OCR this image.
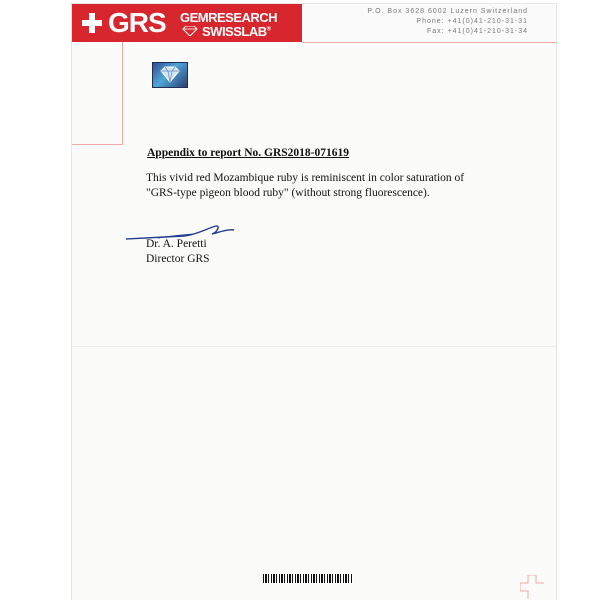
GRS GEMRESEARCH
SWISSLAB®
P.O. Box 3628 6002 Luzern Switzerland
Phone: +41(0)41-210-31-31
Fax: +41(0)41-210-31-34
Appendix to report No. GRS2018-071619
This vivid red Mozambique ruby is reminiscent in color saturation of "GRS-type pigeon blood ruby" (without strong fluorescence).
Dr. A. Peretti
Director GRS
